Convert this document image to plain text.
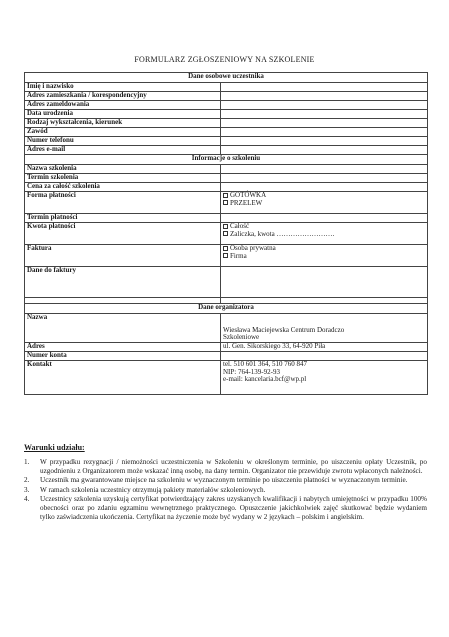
FORMULARZ ZGŁOSZENIOWY NA SZKOLENIE
Dane osobowe uczestnika	
Imię i nazwisko	
Adres zamieszkania / korespondencyjny	
Adres zameldowania	
Data urodzenia	
Rodzaj wykształcenia, kierunek	
Zawód	
Numer telefonu	
Adres e-mail	
Informacje o szkoleniu	
Nazwa szkolenia	
Termin szkolenia	
Cena za całość szkolenia	
Forma płatności	GOTÓWKA
PRZELEW

Termin płatności	
Kwota płatności	Całość
Zaliczka, kwota …………………….

Faktura	Osoba prywatna
Firma

Dane do faktury	

Dane organizatora	
Nazwa	Wiesława Maciejewska Centrum Doradczo
Szkoleniowe

Adres	ul. Gen. Sikorskiego 33, 64-920 Piła
Numer konta	
Kontakt	tel. 510 601 364, 510 760 847
NIP: 764-139-92-93
e-mail: kancelaria.bcf@wp.pl
Warunki udziału:
1. W przypadku rezygnacji / niemożności uczestniczenia w Szkoleniu w określonym terminie, po uiszczeniu opłaty Uczestnik, po uzgodnieniu z Organizatorem może wskazać inną osobę, na dany termin. Organizator nie przewiduje zwrotu wpłaconych należności.
2. Uczestnik ma gwarantowane miejsce na szkoleniu w wyznaczonym terminie po uiszczeniu płatności w wyznaczonym terminie.
3. W ramach szkolenia uczestnicy otrzymują pakiety materiałów szkoleniowych.
4. Uczestnicy szkolenia uzyskują certyfikat potwierdzający zakres uzyskanych kwalifikacji i nabytych umiejętności w przypadku 100% obecności oraz po zdaniu egzaminu wewnętrznego praktycznego. Opuszczenie jakichkolwiek zajęć skutkować będzie wydaniem tylko zaświadczenia ukończenia. Certyfikat na życzenie może być wydany w 2 językach – polskim i angielskim.
